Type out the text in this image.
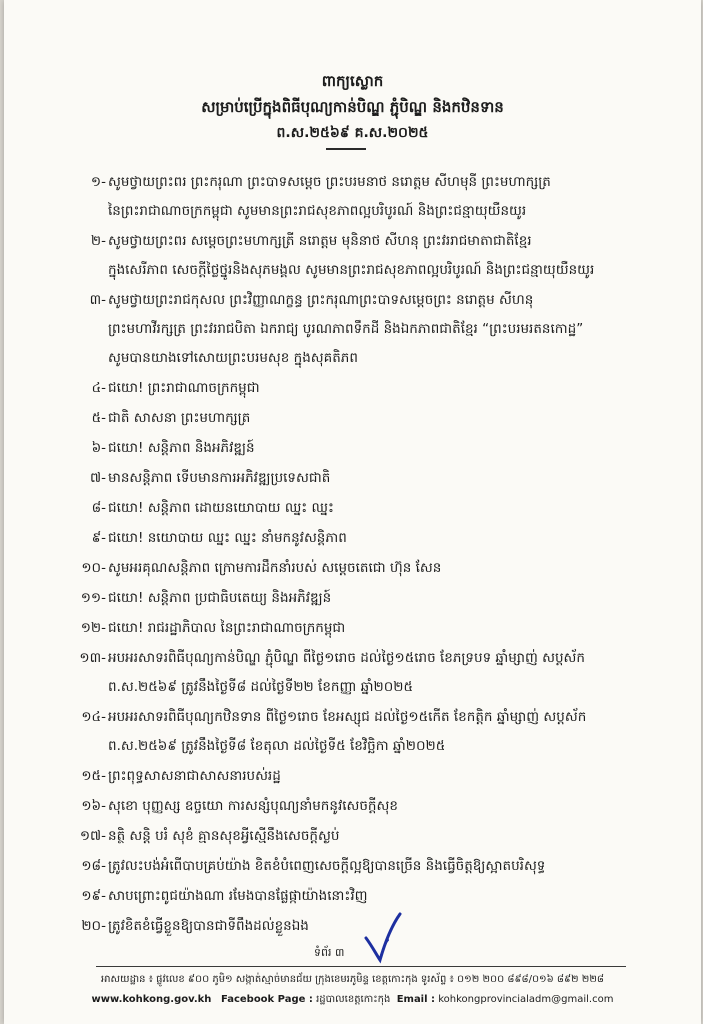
ពាក្យស្លោក
សម្រាប់ប្រើក្នុងពិធីបុណ្យកាន់បិណ្ឌ ភ្ជុំបិណ្ឌ និងកឋិនទាន
ព.ស.២៥៦៩ គ.ស.២០២៥
១- សូមថ្វាយព្រះពរ ព្រះករុណា ព្រះបាទសម្ដេច ព្រះបរមនាថ នរោត្ដម សីហមុនី ព្រះមហាក្សត្រ
នៃព្រះរាជាណាចក្រកម្ពុជា សូមមានព្រះរាជសុខភាពល្អបរិបូរណ៍ និងព្រះជន្មាយុយឺនយូរ
២- សូមថ្វាយព្រះពរ សម្ដេចព្រះមហាក្សត្រី នរោត្ដម មុនិនាថ សីហនុ ព្រះវររាជមាតាជាតិខ្មែរ
ក្នុងសេរីភាព សេចក្ដីថ្លៃថ្នូរនិងសុភមង្គល សូមមានព្រះរាជសុខភាពល្អបរិបូរណ៍ និងព្រះជន្មាយុយឺនយូរ
៣- សូមថ្វាយព្រះរាជកុសល ព្រះវិញ្ញាណក្ខន្ធ ព្រះករុណាព្រះបាទសម្ដេចព្រះ នរោត្ដម សីហនុ
ព្រះមហាវីរក្សត្រ ព្រះវររាជបិតា ឯករាជ្យ បូរណភាពទឹកដី និងឯកភាពជាតិខ្មែរ “ព្រះបរមរតនកោដ្ឋ”
សូមបានយាងទៅសោយព្រះបរមសុខ ក្នុងសុគតិភព
៤- ជយោ! ព្រះរាជាណាចក្រកម្ពុជា
៥- ជាតិ សាសនា ព្រះមហាក្សត្រ
៦- ជយោ! សន្ដិភាព និងអភិវឌ្ឍន៍
៧- មានសន្ដិភាព ទើបមានការអភិវឌ្ឍប្រទេសជាតិ
៨- ជយោ! សន្ដិភាព ដោយនយោបាយ ឈ្នះ ឈ្នះ
៩- ជយោ! នយោបាយ ឈ្នះ ឈ្នះ នាំមកនូវសន្ដិភាព
១០- សូមអរគុណសន្ដិភាព ក្រោមការដឹកនាំរបស់ សម្ដេចតេជោ ហ៊ុន សែន
១១- ជយោ! សន្ដិភាព ប្រជាធិបតេយ្យ និងអភិវឌ្ឍន៍
១២- ជយោ! រាជរដ្ឋាភិបាល នៃព្រះរាជាណាចក្រកម្ពុជា
១៣- អបអរសាទរពិធីបុណ្យកាន់បិណ្ឌ ភ្ជុំបិណ្ឌ ពីថ្ងៃ១រោច ដល់ថ្ងៃ១៥រោច ខែភទ្របទ ឆ្នាំម្សាញ់ សប្ដស័ក
ព.ស.២៥៦៩ ត្រូវនឹងថ្ងៃទី៨ ដល់ថ្ងៃទី២២ ខែកញ្ញា ឆ្នាំ២០២៥
១៤- អបអរសាទរពិធីបុណ្យកឋិនទាន ពីថ្ងៃ១រោច ខែអស្សុជ ដល់ថ្ងៃ១៥កើត ខែកត្ដិក ឆ្នាំម្សាញ់ សប្ដស័ក
ព.ស.២៥៦៩ ត្រូវនឹងថ្ងៃទី៨ ខែតុលា ដល់ថ្ងៃទី៥ ខែវិច្ឆិកា ឆ្នាំ២០២៥
១៥- ព្រះពុទ្ធសាសនាជាសាសនារបស់រដ្ឋ
១៦- សុខោ បុញ្ញស្ស ឧច្ចយោ ការសន្សំបុណ្យនាំមកនូវសេចក្ដីសុខ
១៧- នត្ថិ សន្ដិ បរំ សុខំ គ្មានសុខអ្វីស្មើនឹងសេចក្ដីស្ងប់
១៨- ត្រូវលះបង់អំពើបាបគ្រប់យ៉ាង ខិតខំបំពេញសេចក្ដីល្អឱ្យបានច្រើន និងធ្វើចិត្តឱ្យស្អាតបរិសុទ្ធ
១៩- សាបព្រោះពូជយ៉ាងណា រមែងបានផ្លែផ្កាយ៉ាងនោះវិញ
២០- ត្រូវខិតខំធ្វើខ្លួនឱ្យបានជាទីពឹងដល់ខ្លួនឯង
ទំព័រ ៣
អាសយដ្ឋាន ៖ ផ្លូវលេខ ៩០០ ភូមិ១ សង្កាត់ស្មាច់មានជ័យ ក្រុងខេមរភូមិន្ទ ខេត្តកោះកុង ទូរស័ព្ទ ៖ ០១២ ២០០ ៨៩៨/០១៦ ៨៩២ ២២៨
www.kohkong.gov.kh Facebook Page : រដ្ឋបាលខេត្តកោះកុង Email : kohkongprovincialadm@gmail.com
